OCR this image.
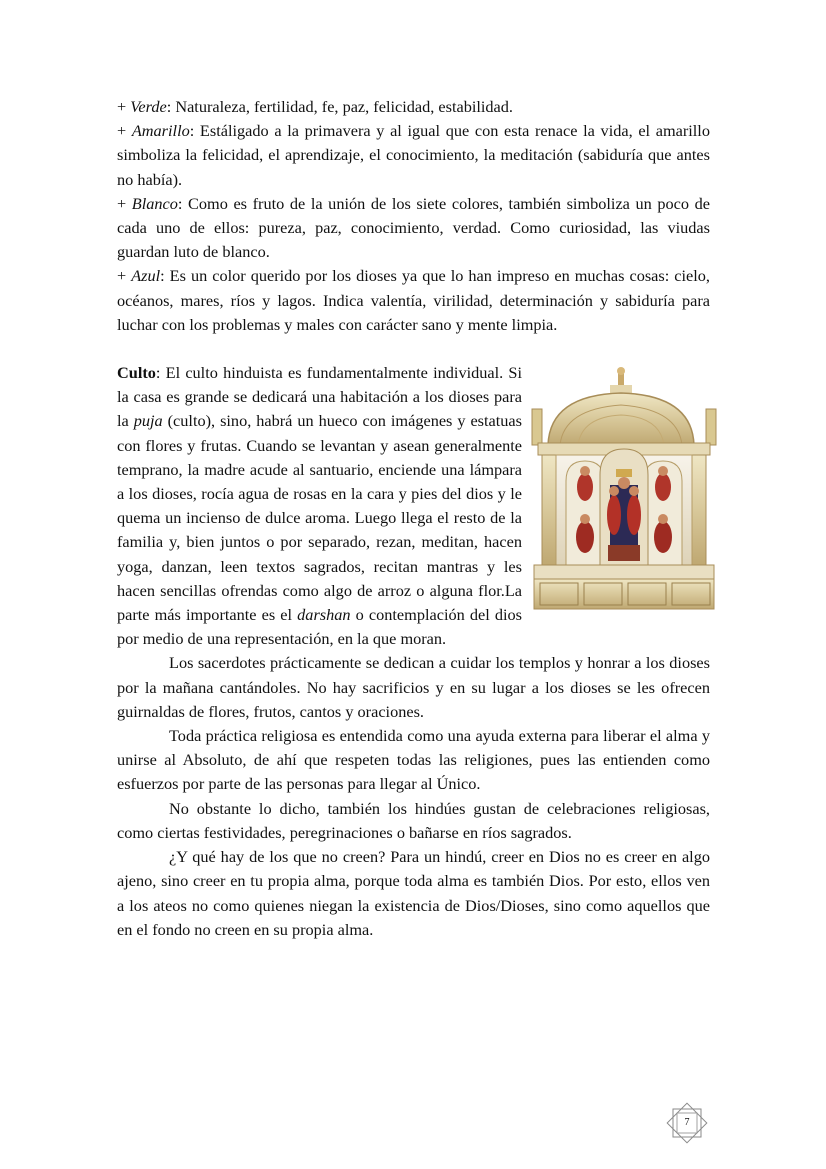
+ Verde: Naturaleza, fertilidad, fe, paz, felicidad, estabilidad.

+ Amarillo: Estáligado a la primavera y al igual que con esta renace la vida, el amarillo simboliza la felicidad, el aprendizaje, el conocimiento, la meditación (sabiduría que antes no había).

+ Blanco: Como es fruto de la unión de los siete colores, también simboliza un poco de cada uno de ellos: pureza, paz, conocimiento, verdad. Como curiosidad, las viudas guardan luto de blanco.

+ Azul: Es un color querido por los dioses ya que lo han impreso en muchas cosas: cielo, océanos, mares, ríos y lagos. Indica valentía, virilidad, determinación y sabiduría para luchar con los problemas y males con carácter sano y mente limpia.

Culto: El culto hinduista es fundamentalmente individual. Si la casa es grande se dedicará una habitación a los dioses para la puja (culto), sino, habrá un hueco con imágenes y estatuas con flores y frutas. Cuando se levantan y asean generalmente temprano, la madre acude al santuario, enciende una lámpara a los dioses, rocía agua de rosas en la cara y pies del dios y le quema un incienso de dulce aroma. Luego llega el resto de la familia y, bien juntos o por separado, rezan, meditan, hacen yoga, danzan, leen textos sagrados, recitan mantras y les hacen sencillas ofrendas como algo de arroz o alguna flor.La parte más importante es el darshan o contemplación del dios por medio de una representación, en la que moran.

Los sacerdotes prácticamente se dedican a cuidar los templos y honrar a los dioses por la mañana cantándoles. No hay sacrificios y en su lugar a los dioses se les ofrecen guirnaldas de flores, frutos, cantos y oraciones.

Toda práctica religiosa es entendida como una ayuda externa para liberar el alma y unirse al Absoluto, de ahí que respeten todas las religiones, pues las entienden como esfuerzos por parte de las personas para llegar al Único.

No obstante lo dicho, también los hindúes gustan de celebraciones religiosas, como ciertas festividades, peregrinaciones o bañarse en ríos sagrados.

¿Y qué hay de los que no creen? Para un hindú, creer en Dios no es creer en algo ajeno, sino creer en tu propia alma, porque toda alma es también Dios. Por esto, ellos ven a los ateos no como quienes niegan la existencia de Dios/Dioses, sino como aquellos que en el fondo no creen en su propia alma.

7
